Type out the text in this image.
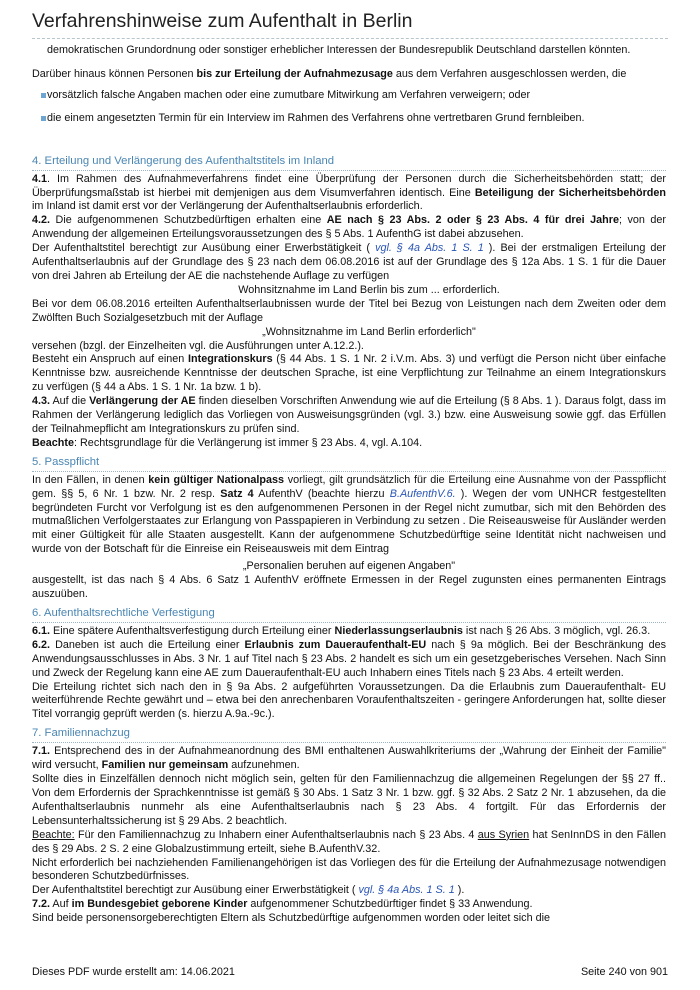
Verfahrenshinweise zum Aufenthalt in Berlin

demokratischen Grundordnung oder sonstiger erheblicher Interessen der Bundesrepublik Deutschland darstellen könnten.

Darüber hinaus können Personen bis zur Erteilung der Aufnahmezusage aus dem Verfahren ausgeschlossen werden, die

vorsätzlich falsche Angaben machen oder eine zumutbare Mitwirkung am Verfahren verweigern; oder
die einem angesetzten Termin für ein Interview im Rahmen des Verfahrens ohne vertretbaren Grund fernbleiben.
4. Erteilung und Verlängerung des Aufenthaltstitels im Inland

4.1. Im Rahmen des Aufnahmeverfahrens findet eine Überprüfung der Personen durch die Sicherheitsbehörden statt; der Überprüfungsmaßstab ist hierbei mit demjenigen aus dem Visumverfahren identisch. Eine Beteiligung der Sicherheitsbehörden im Inland ist damit erst vor der Verlängerung der Aufenthaltserlaubnis erforderlich.

4.2. Die aufgenommenen Schutzbedürftigen erhalten eine AE nach § 23 Abs. 2 oder § 23 Abs. 4 für drei Jahre; von der Anwendung der allgemeinen Erteilungsvoraussetzungen des § 5 Abs. 1 AufenthG ist dabei abzusehen.

Der Aufenthaltstitel berechtigt zur Ausübung einer Erwerbstätigkeit ( vgl. § 4a Abs. 1 S. 1 ). Bei der erstmaligen Erteilung der Aufenthaltserlaubnis auf der Grundlage des § 23 nach dem 06.08.2016 ist auf der Grundlage des § 12a Abs. 1 S. 1 für die Dauer von drei Jahren ab Erteilung der AE die nachstehende Auflage zu verfügen

Wohnsitznahme im Land Berlin bis zum ... erforderlich.

Bei vor dem 06.08.2016 erteilten Aufenthaltserlaubnissen wurde der Titel bei Bezug von Leistungen nach dem Zweiten oder dem Zwölften Buch Sozialgesetzbuch mit der Auflage

„Wohnsitznahme im Land Berlin erforderlich"

versehen (bzgl. der Einzelheiten vgl. die Ausführungen unter A.12.2.).

Besteht ein Anspruch auf einen Integrationskurs (§ 44 Abs. 1 S. 1 Nr. 2 i.V.m. Abs. 3) und verfügt die Person nicht über einfache Kenntnisse bzw. ausreichende Kenntnisse der deutschen Sprache, ist eine Verpflichtung zur Teilnahme an einem Integrationskurs zu verfügen (§ 44 a Abs. 1 S. 1 Nr. 1a bzw. 1 b).

4.3. Auf die Verlängerung der AE finden dieselben Vorschriften Anwendung wie auf die Erteilung (§ 8 Abs. 1 ). Daraus folgt, dass im Rahmen der Verlängerung lediglich das Vorliegen von Ausweisungsgründen (vgl. 3.) bzw. eine Ausweisung sowie ggf. das Erfüllen der Teilnahmepflicht am Integrationskurs zu prüfen sind.

Beachte: Rechtsgrundlage für die Verlängerung ist immer § 23 Abs. 4, vgl. A.104.

5. Passpflicht

In den Fällen, in denen kein gültiger Nationalpass vorliegt, gilt grundsätzlich für die Erteilung eine Ausnahme von der Passpflicht gem. §§ 5, 6 Nr. 1 bzw. Nr. 2 resp. Satz 4 AufenthV (beachte hierzu B.AufenthV.6. ). Wegen der vom UNHCR festgestellten begründeten Furcht vor Verfolgung ist es den aufgenommenen Personen in der Regel nicht zumutbar, sich mit den Behörden des mutmaßlichen Verfolgerstaates zur Erlangung von Passpapieren in Verbindung zu setzen . Die Reiseausweise für Ausländer werden mit einer Gültigkeit für alle Staaten ausgestellt. Kann der aufgenommene Schutzbedürftige seine Identität nicht nachweisen und wurde von der Botschaft für die Einreise ein Reiseausweis mit dem Eintrag

„Personalien beruhen auf eigenen Angaben"

ausgestellt, ist das nach § 4 Abs. 6 Satz 1 AufenthV eröffnete Ermessen in der Regel zugunsten eines permanenten Eintrags auszuüben.

6. Aufenthaltsrechtliche Verfestigung

6.1. Eine spätere Aufenthaltsverfestigung durch Erteilung einer Niederlassungserlaubnis ist nach § 26 Abs. 3 möglich, vgl. 26.3.

6.2. Daneben ist auch die Erteilung einer Erlaubnis zum Daueraufenthalt-EU nach § 9a möglich. Bei der Beschränkung des Anwendungsausschlusses in Abs. 3 Nr. 1 auf Titel nach § 23 Abs. 2 handelt es sich um ein gesetzgeberisches Versehen. Nach Sinn und Zweck der Regelung kann eine AE zum Daueraufenthalt-EU auch Inhabern eines Titels nach § 23 Abs. 4 erteilt werden.

Die Erteilung richtet sich nach den in § 9a Abs. 2 aufgeführten Voraussetzungen. Da die Erlaubnis zum Daueraufenthalt- EU weiterführende Rechte gewährt und – etwa bei den anrechenbaren Voraufenthaltszeiten - geringere Anforderungen hat, sollte dieser Titel vorrangig geprüft werden (s. hierzu A.9a.-9c.).

7. Familiennachzug

7.1. Entsprechend des in der Aufnahmeanordnung des BMI enthaltenen Auswahlkriteriums der „Wahrung der Einheit der Familie" wird versucht, Familien nur gemeinsam aufzunehmen.

Sollte dies in Einzelfällen dennoch nicht möglich sein, gelten für den Familiennachzug die allgemeinen Regelungen der §§ 27 ff.. Von dem Erfordernis der Sprachkenntnisse ist gemäß § 30 Abs. 1 Satz 3 Nr. 1 bzw. ggf. § 32 Abs. 2 Satz 2 Nr. 1 abzusehen, da die Aufenthaltserlaubnis nunmehr als eine Aufenthaltserlaubnis nach § 23 Abs. 4 fortgilt. Für das Erfordernis der Lebensunterhaltssicherung ist § 29 Abs. 2 beachtlich.

Beachte: Für den Familiennachzug zu Inhabern einer Aufenthaltserlaubnis nach § 23 Abs. 4 aus Syrien hat SenInnDS in den Fällen des § 29 Abs. 2 S. 2 eine Globalzustimmung erteilt, siehe B.AufenthV.32.

Nicht erforderlich bei nachziehenden Familienangehörigen ist das Vorliegen des für die Erteilung der Aufnahmezusage notwendigen besonderen Schutzbedürfnisses.

Der Aufenthaltstitel berechtigt zur Ausübung einer Erwerbstätigkeit ( vgl. § 4a Abs. 1 S. 1 ).

7.2. Auf im Bundesgebiet geborene Kinder aufgenommener Schutzbedürftiger findet § 33 Anwendung.

Sind beide personensorgeberechtigten Eltern als Schutzbedürftige aufgenommen worden oder leitet sich die

Dieses PDF wurde erstellt am: 14.06.2021	Seite 240 von 901
